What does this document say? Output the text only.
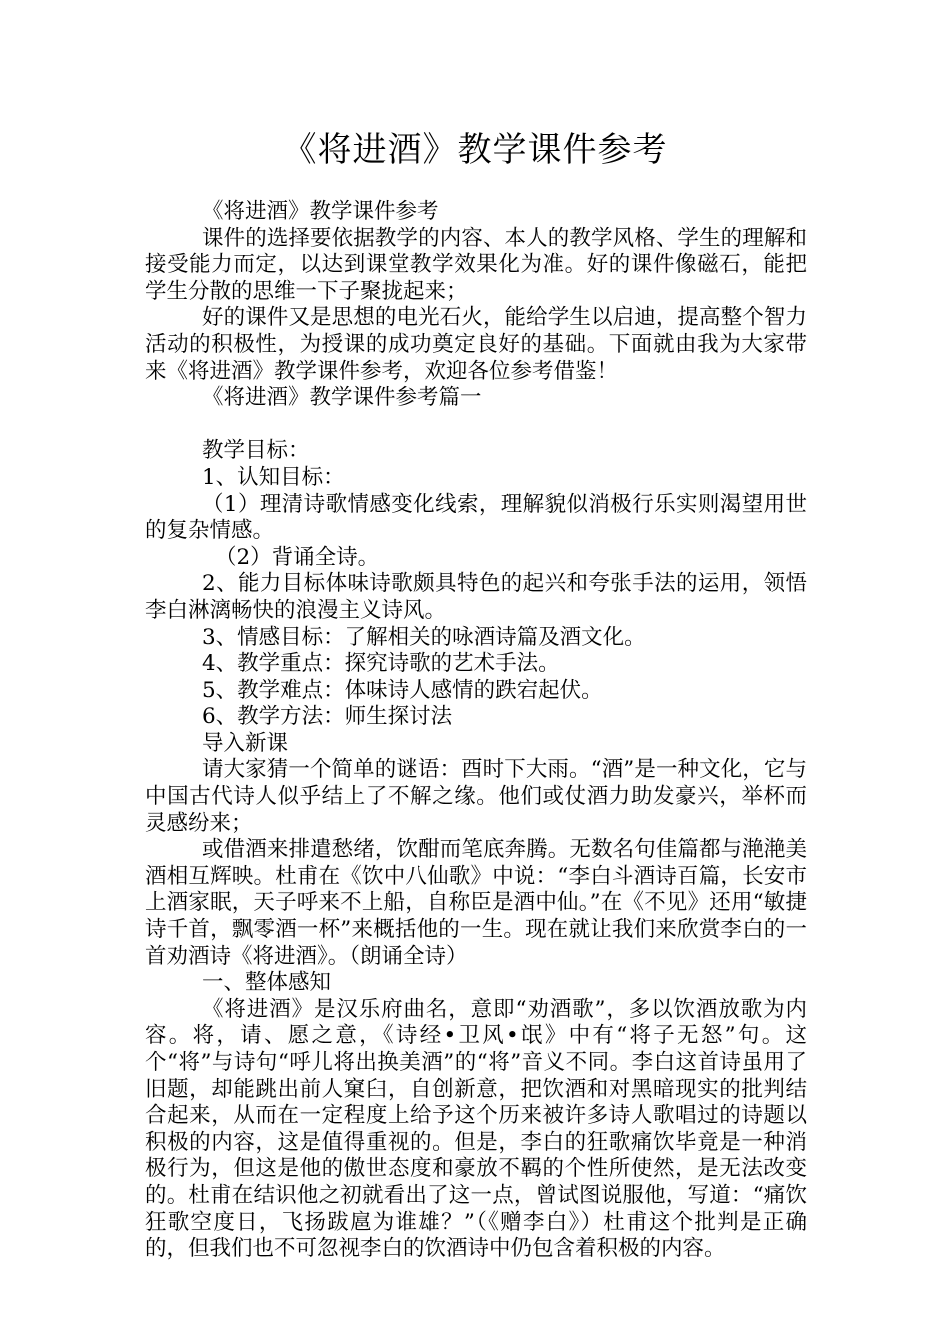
《将进酒》教学课件参考

《将进酒》教学课件参考

课件的选择要依据教学的内容、本人的教学风格、学生的理解和接受能力而定，以达到课堂教学效果化为准。好的课件像磁石，能把学生分散的思维一下子聚拢起来；

好的课件又是思想的电光石火，能给学生以启迪，提高整个智力活动的积极性，为授课的成功奠定良好的基础。下面就由我为大家带来《将进酒》教学课件参考，欢迎各位参考借鉴！

《将进酒》教学课件参考篇一

教学目标：

1、认知目标：

（1）理清诗歌情感变化线索，理解貌似消极行乐实则渴望用世的复杂情感。

（2）背诵全诗。

2、能力目标体味诗歌颇具特色的起兴和夸张手法的运用，领悟李白淋漓畅快的浪漫主义诗风。

3、情感目标：了解相关的咏酒诗篇及酒文化。

4、教学重点：探究诗歌的艺术手法。

5、教学难点：体味诗人感情的跌宕起伏。

6、教学方法：师生探讨法

导入新课

请大家猜一个简单的谜语：酉时下大雨。“酒”是一种文化，它与中国古代诗人似乎结上了不解之缘。他们或仗酒力助发豪兴，举杯而灵感纷来；

或借酒来排遣愁绪，饮酣而笔底奔腾。无数名句佳篇都与滟滟美酒相互辉映。杜甫在《饮中八仙歌》中说：“李白斗酒诗百篇，长安市上酒家眠，天子呼来不上船，自称臣是酒中仙。”在《不见》还用“敏捷诗千首，飘零酒一杯”来概括他的一生。现在就让我们来欣赏李白的一首劝酒诗《将进酒》。（朗诵全诗）

一、整体感知

《将进酒》是汉乐府曲名，意即“劝酒歌”，多以饮酒放歌为内容。将，请、愿之意，《诗经•卫风•氓》中有“将子无怒”句。这个“将”与诗句“呼儿将出换美酒”的“将”音义不同。李白这首诗虽用了旧题，却能跳出前人窠臼，自创新意，把饮酒和对黑暗现实的批判结合起来，从而在一定程度上给予这个历来被许多诗人歌唱过的诗题以积极的内容，这是值得重视的。但是，李白的狂歌痛饮毕竟是一种消极行为，但这是他的傲世态度和豪放不羁的个性所使然，是无法改变的。杜甫在结识他之初就看出了这一点，曾试图说服他，写道：“痛饮狂歌空度日，飞扬跋扈为谁雄？”（《赠李白》）杜甫这个批判是正确的，但我们也不可忽视李白的饮酒诗中仍包含着积极的内容。
